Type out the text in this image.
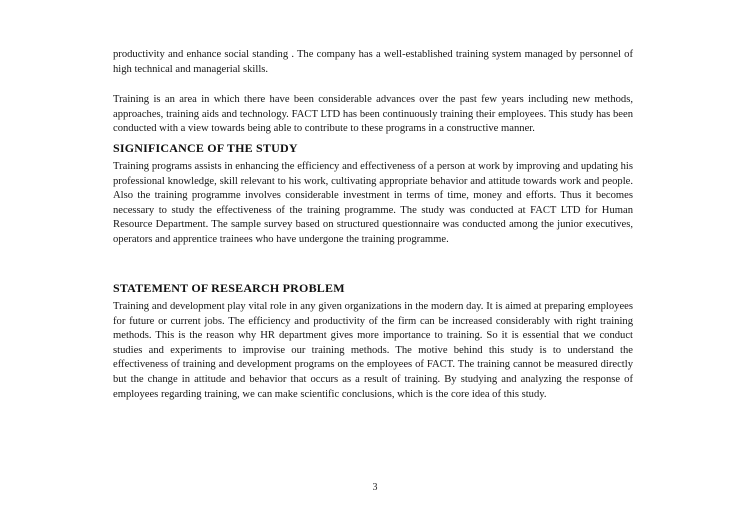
productivity and enhance social standing . The company has a well-established training system managed by personnel of high technical and managerial skills.

Training is an area in which there have been considerable advances over the past few years including new methods, approaches, training aids and technology. FACT LTD has been continuously training their employees. This study has been conducted with a view towards being able to contribute to these programs in a constructive manner.

SIGNIFICANCE OF THE STUDY

Training programs assists in enhancing the efficiency and effectiveness of a person at work by improving and updating his professional knowledge, skill relevant to his work, cultivating appropriate behavior and attitude towards work and people. Also the training programme involves considerable investment in terms of time, money and efforts. Thus it becomes necessary to study the effectiveness of the training programme. The study was conducted at FACT LTD for Human Resource Department. The sample survey based on structured questionnaire was conducted among the junior executives, operators and apprentice trainees who have undergone the training programme.

STATEMENT OF RESEARCH PROBLEM

Training and development play vital role in any given organizations in the modern day. It is aimed at preparing employees for future or current jobs. The efficiency and productivity of the firm can be increased considerably with right training methods. This is the reason why HR department gives more importance to training. So it is essential that we conduct studies and experiments to improvise our training methods. The motive behind this study is to understand the effectiveness of training and development programs on the employees of FACT. The training cannot be measured directly but the change in attitude and behavior that occurs as a result of training. By studying and analyzing the response of employees regarding training, we can make scientific conclusions, which is the core idea of this study.

3
